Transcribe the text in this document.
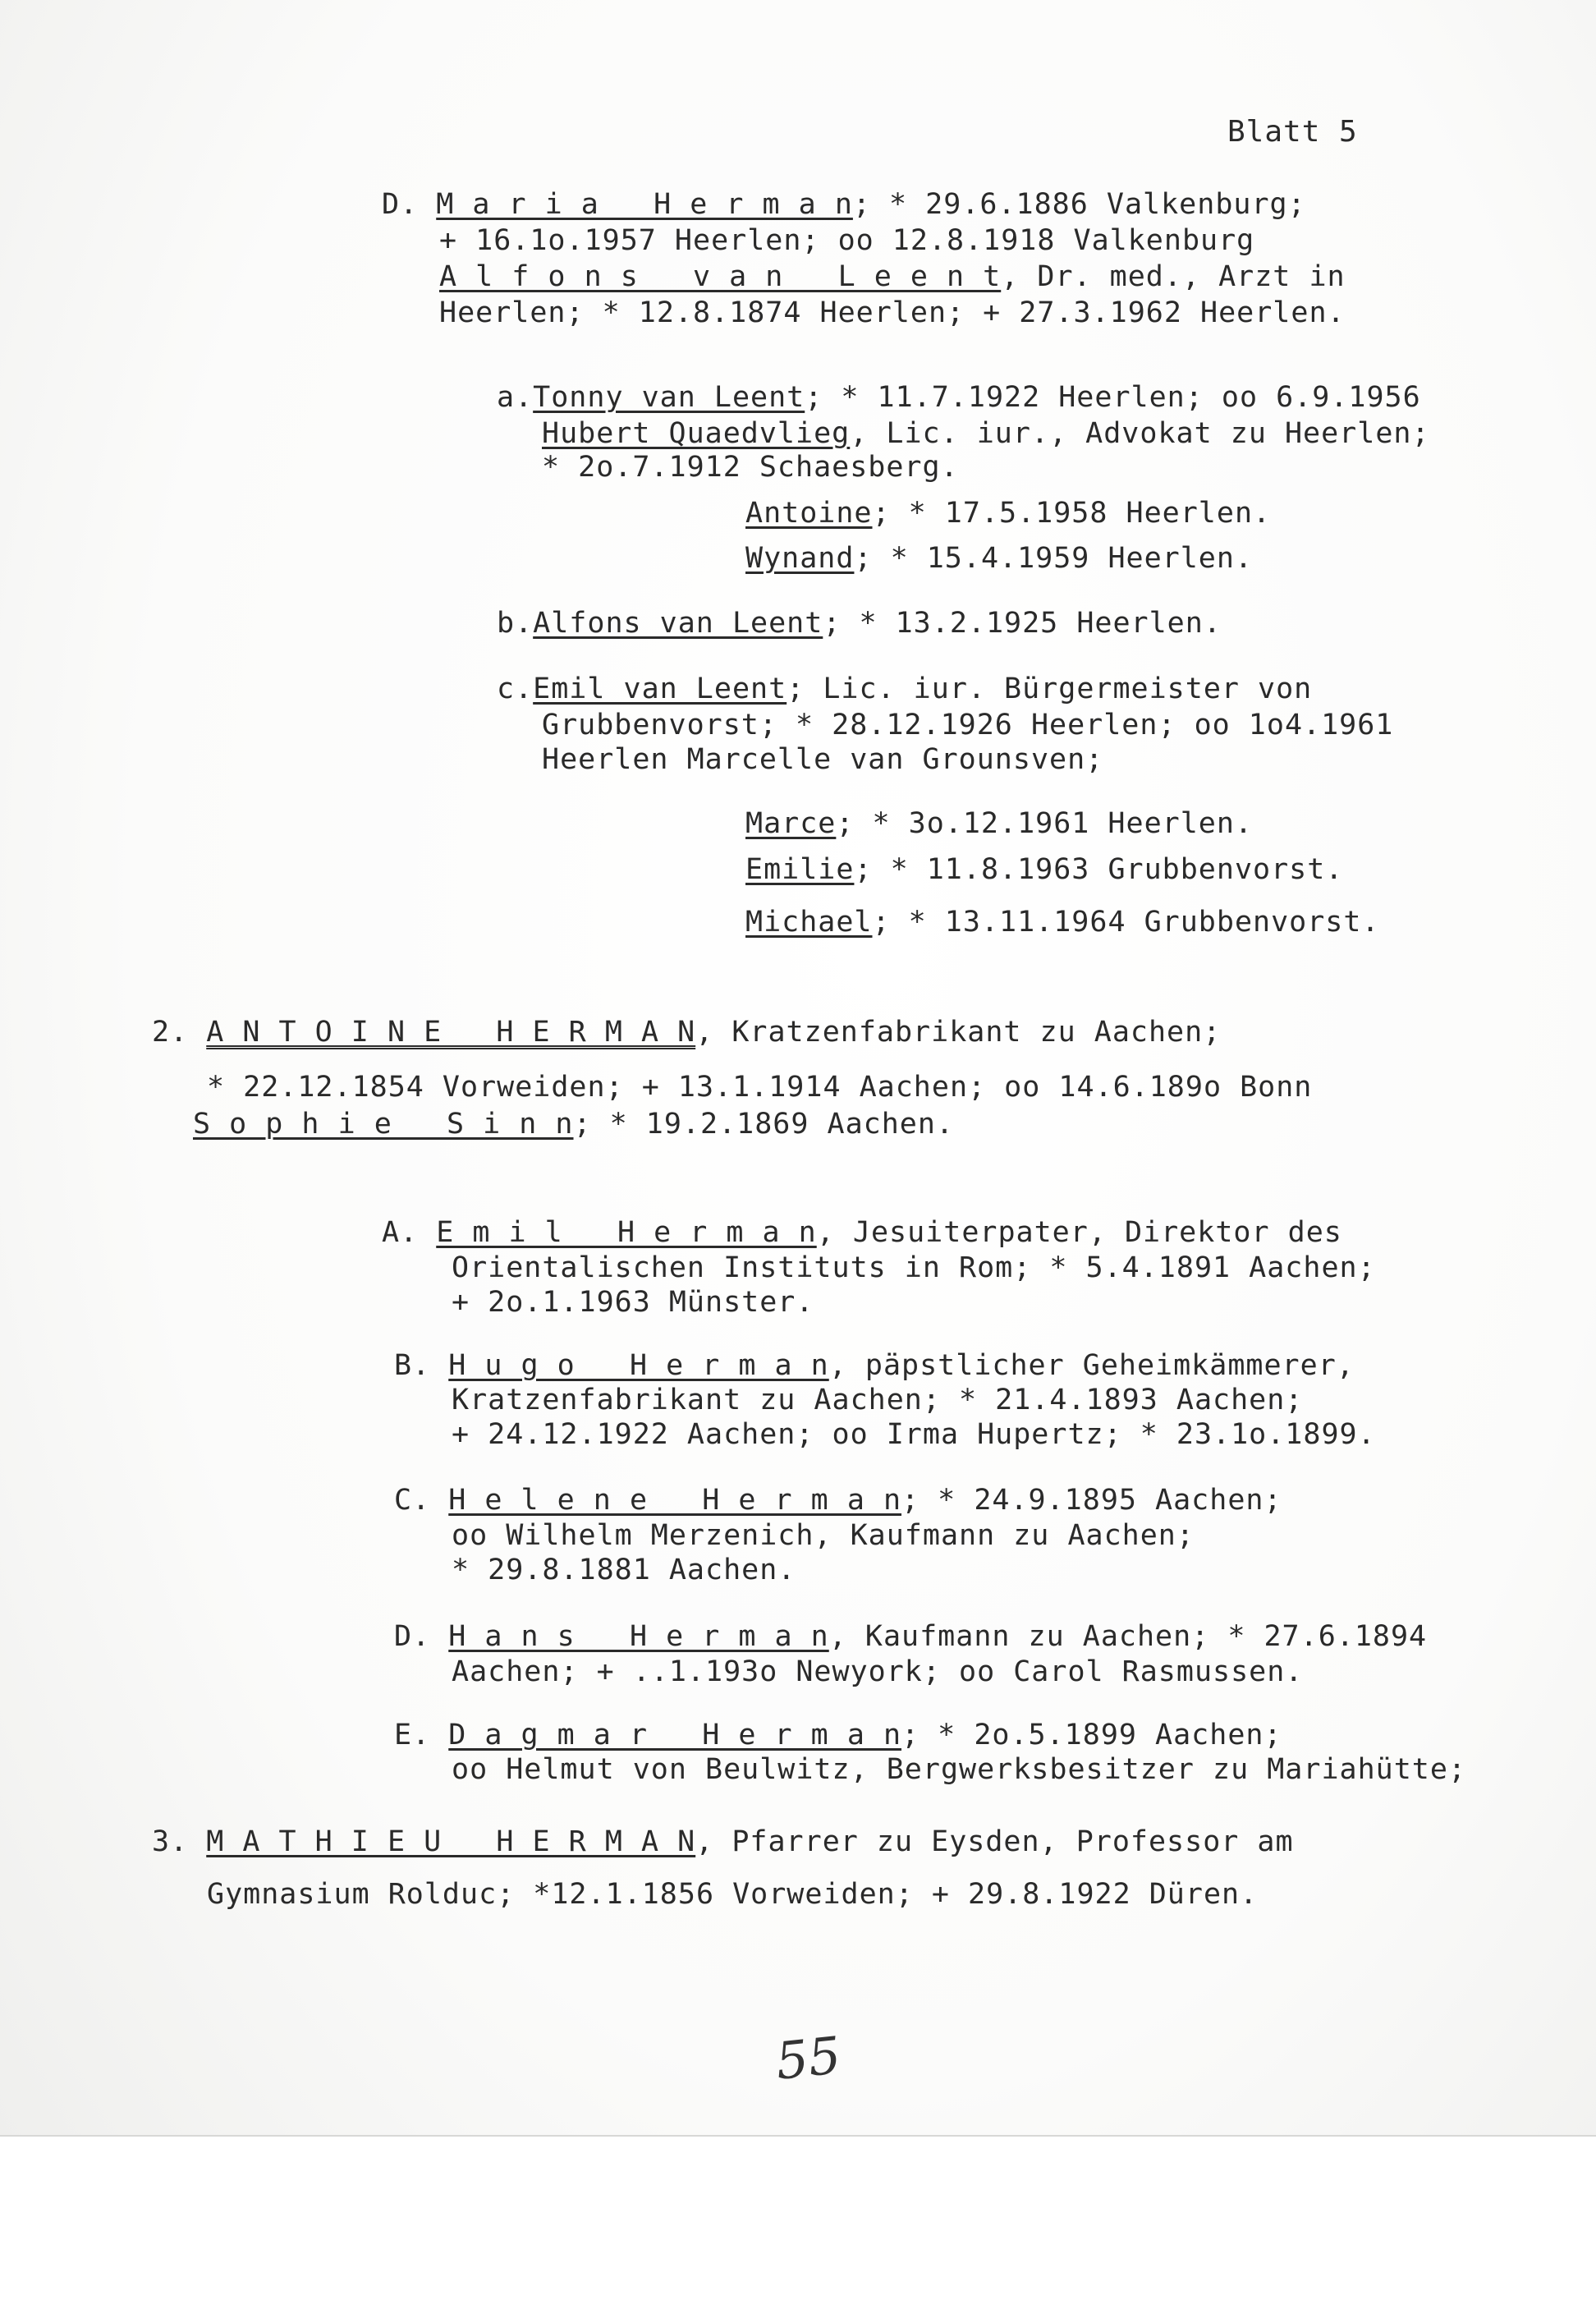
Blatt 5
D. M a r i a   H e r m a n; * 29.6.1886 Valkenburg;
+ 16.1o.1957 Heerlen; oo 12.8.1918 Valkenburg
A l f o n s   v a n   L e e n t, Dr. med., Arzt in
Heerlen; * 12.8.1874 Heerlen; + 27.3.1962 Heerlen.
a.Tonny van Leent; * 11.7.1922 Heerlen; oo 6.9.1956
Hubert Quaedvlieg, Lic. iur., Advokat zu Heerlen;
* 2o.7.1912 Schaesberg.
Antoine; * 17.5.1958 Heerlen.
Wynand; * 15.4.1959 Heerlen.
b.Alfons van Leent; * 13.2.1925 Heerlen.
c.Emil van Leent; Lic. iur. Bürgermeister von
Grubbenvorst; * 28.12.1926 Heerlen; oo 1o4.1961
Heerlen Marcelle van Grounsven;
Marce; * 3o.12.1961 Heerlen.
Emilie; * 11.8.1963 Grubbenvorst.
Michael; * 13.11.1964 Grubbenvorst.
2. A N T O I N E   H E R M A N, Kratzenfabrikant zu Aachen;
* 22.12.1854 Vorweiden; + 13.1.1914 Aachen; oo 14.6.189o Bonn
S o p h i e   S i n n; * 19.2.1869 Aachen.
A. E m i l   H e r m a n, Jesuiterpater, Direktor des
Orientalischen Instituts in Rom; * 5.4.1891 Aachen;
+ 2o.1.1963 Münster.
B. H u g o   H e r m a n, päpstlicher Geheimkämmerer,
Kratzenfabrikant zu Aachen; * 21.4.1893 Aachen;
+ 24.12.1922 Aachen; oo Irma Hupertz; * 23.1o.1899.
C. H e l e n e   H e r m a n; * 24.9.1895 Aachen;
oo Wilhelm Merzenich, Kaufmann zu Aachen;
* 29.8.1881 Aachen.
D. H a n s   H e r m a n, Kaufmann zu Aachen; * 27.6.1894
Aachen; + ..1.193o Newyork; oo Carol Rasmussen.
E. D a g m a r   H e r m a n; * 2o.5.1899 Aachen;
oo Helmut von Beulwitz, Bergwerksbesitzer zu Mariahütte;
3. M A T H I E U   H E R M A N, Pfarrer zu Eysden, Professor am
Gymnasium Rolduc; *12.1.1856 Vorweiden; + 29.8.1922 Düren.
55
